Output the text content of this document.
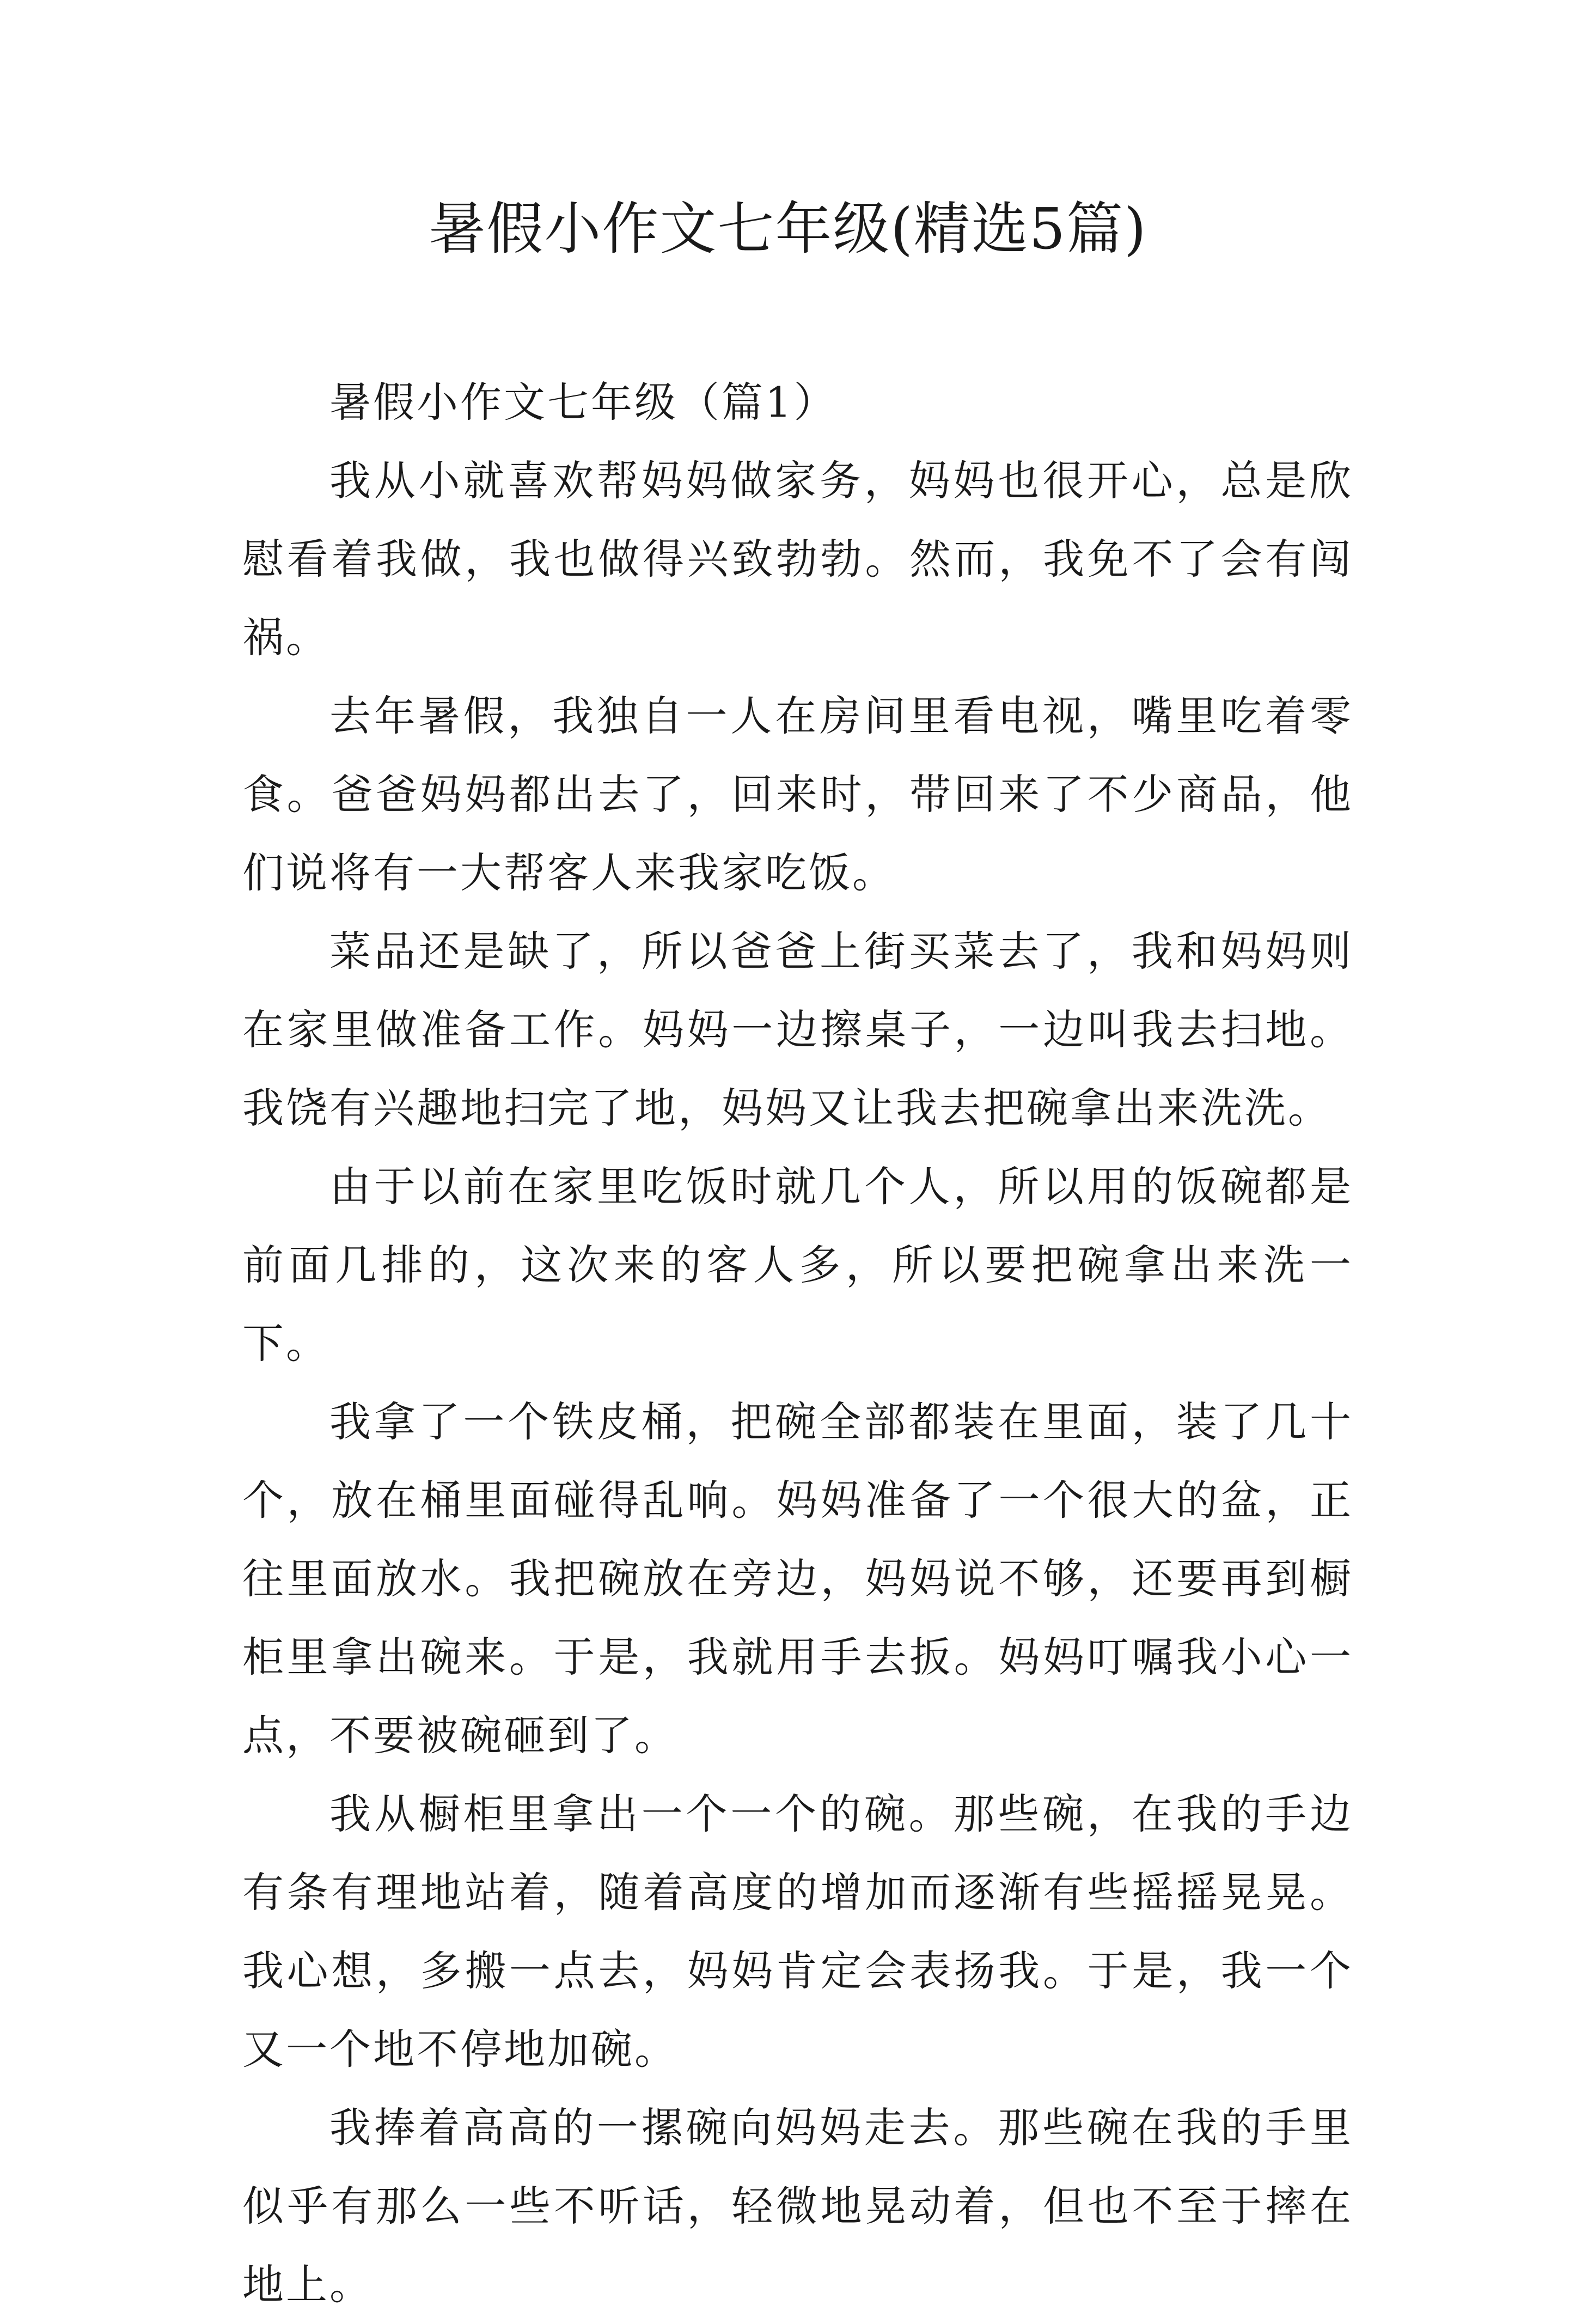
暑假小作文七年级(精选5篇)

暑假小作文七年级（篇1）

我从小就喜欢帮妈妈做家务，妈妈也很开心，总是欣慰看着我做，我也做得兴致勃勃。然而，我免不了会有闯祸。

去年暑假，我独自一人在房间里看电视，嘴里吃着零食。爸爸妈妈都出去了，回来时，带回来了不少商品，他们说将有一大帮客人来我家吃饭。

菜品还是缺了，所以爸爸上街买菜去了，我和妈妈则在家里做准备工作。妈妈一边擦桌子，一边叫我去扫地。我饶有兴趣地扫完了地，妈妈又让我去把碗拿出来洗洗。

由于以前在家里吃饭时就几个人，所以用的饭碗都是前面几排的，这次来的客人多，所以要把碗拿出来洗一下。

我拿了一个铁皮桶，把碗全部都装在里面，装了几十个，放在桶里面碰得乱响。妈妈准备了一个很大的盆，正往里面放水。我把碗放在旁边，妈妈说不够，还要再到橱柜里拿出碗来。于是，我就用手去扳。妈妈叮嘱我小心一点，不要被碗砸到了。

我从橱柜里拿出一个一个的碗。那些碗，在我的手边有条有理地站着，随着高度的增加而逐渐有些摇摇晃晃。我心想，多搬一点去，妈妈肯定会表扬我。于是，我一个又一个地不停地加碗。

我捧着高高的一摞碗向妈妈走去。那些碗在我的手里似乎有那么一些不听话，轻微地晃动着，但也不至于摔在地上。
